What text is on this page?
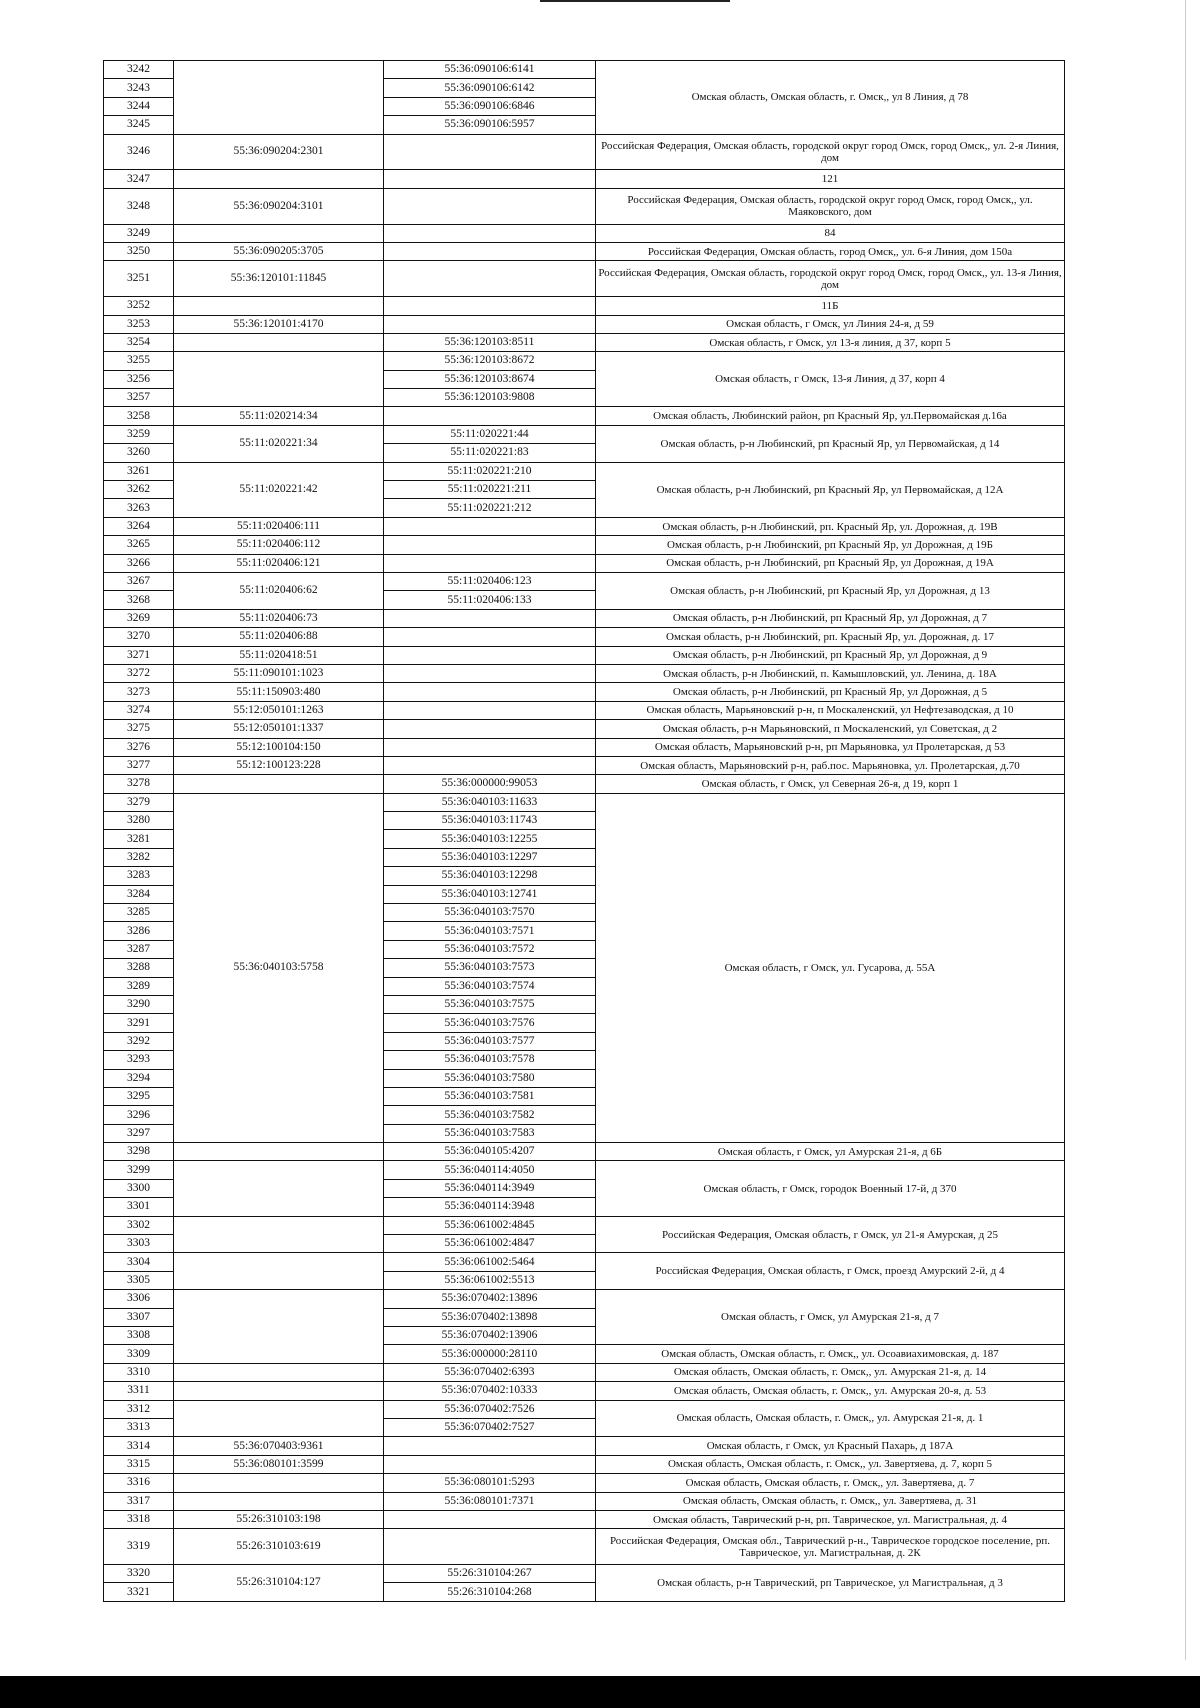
3242		55:36:090106:6141	Омская область, Омская область, г. Омск,, ул 8 Линия, д 78
3243		55:36:090106:6142	
3244		55:36:090106:6846	
3245		55:36:090106:5957	
3246	55:36:090204:2301		Российская Федерация, Омская область, городской округ город Омск, город Омск,, ул. 2-я Линия, дом
3247			121
3248	55:36:090204:3101		Российская Федерация, Омская область, городской округ город Омск, город Омск,, ул. Маяковского, дом
3249			84
3250	55:36:090205:3705		Российская Федерация, Омская область, город Омск,, ул. 6-я Линия, дом 150а
3251	55:36:120101:11845		Российская Федерация, Омская область, городской округ город Омск, город Омск,, ул. 13-я Линия, дом
3252			11Б
3253	55:36:120101:4170		Омская область, г Омск, ул Линия 24-я, д 59
3254		55:36:120103:8511	Омская область, г Омск, ул 13-я линия, д 37, корп 5
3255		55:36:120103:8672	Омская область, г Омск, 13-я Линия, д 37, корп 4
3256		55:36:120103:8674	
3257		55:36:120103:9808	
3258	55:11:020214:34		Омская область, Любинский район, рп Красный Яр, ул.Первомайская д.16а
3259	55:11:020221:34	55:11:020221:44	Омская область, р-н Любинский, рп Красный Яр, ул Первомайская, д 14
3260		55:11:020221:83	
3261	55:11:020221:42	55:11:020221:210	Омская область, р-н Любинский, рп Красный Яр, ул Первомайская, д 12А
3262		55:11:020221:211	
3263		55:11:020221:212	
3264	55:11:020406:111		Омская область, р-н Любинский, рп. Красный Яр, ул. Дорожная, д. 19В
3265	55:11:020406:112		Омская область, р-н Любинский, рп Красный Яр, ул Дорожная, д 19Б
3266	55:11:020406:121		Омская область, р-н Любинский, рп Красный Яр, ул Дорожная, д 19А
3267	55:11:020406:62	55:11:020406:123	Омская область, р-н Любинский, рп Красный Яр, ул Дорожная, д 13
3268		55:11:020406:133	
3269	55:11:020406:73		Омская область, р-н Любинский, рп Красный Яр, ул Дорожная, д 7
3270	55:11:020406:88		Омская область, р-н Любинский, рп. Красный Яр, ул. Дорожная, д. 17
3271	55:11:020418:51		Омская область, р-н Любинский, рп Красный Яр, ул Дорожная, д 9
3272	55:11:090101:1023		Омская область, р-н Любинский, п. Камышловский, ул. Ленина, д. 18А
3273	55:11:150903:480		Омская область, р-н Любинский, рп Красный Яр, ул Дорожная, д 5
3274	55:12:050101:1263		Омская область, Марьяновский р-н, п Москаленский, ул Нефтезаводская, д 10
3275	55:12:050101:1337		Омская область, р-н Марьяновский, п Москаленский, ул Советская, д 2
3276	55:12:100104:150		Омская область, Марьяновский р-н, рп Марьяновка, ул Пролетарская, д 53
3277	55:12:100123:228		Омская область, Марьяновский р-н, раб.пос. Марьяновка, ул. Пролетарская, д.70
3278		55:36:000000:99053	Омская область, г Омск, ул Северная 26-я, д 19, корп 1
3279	55:36:040103:5758	55:36:040103:11633	Омская область, г Омск, ул. Гусарова, д. 55А
3280		55:36:040103:11743	
3281		55:36:040103:12255	
3282		55:36:040103:12297	
3283		55:36:040103:12298	
3284		55:36:040103:12741	
3285		55:36:040103:7570	
3286		55:36:040103:7571	
3287		55:36:040103:7572	
3288		55:36:040103:7573	
3289		55:36:040103:7574	
3290		55:36:040103:7575	
3291		55:36:040103:7576	
3292		55:36:040103:7577	
3293		55:36:040103:7578	
3294		55:36:040103:7580	
3295		55:36:040103:7581	
3296		55:36:040103:7582	
3297		55:36:040103:7583	
3298		55:36:040105:4207	Омская область, г Омск, ул Амурская 21-я, д 6Б
3299		55:36:040114:4050	Омская область, г Омск, городок Военный 17-й, д 370
3300		55:36:040114:3949	
3301		55:36:040114:3948	
3302		55:36:061002:4845	Российская Федерация, Омская область, г Омск, ул 21-я Амурская, д 25
3303		55:36:061002:4847	
3304		55:36:061002:5464	Российская Федерация, Омская область, г Омск, проезд Амурский 2-й, д 4
3305		55:36:061002:5513	
3306		55:36:070402:13896	Омская область, г Омск, ул Амурская 21-я, д 7
3307		55:36:070402:13898	
3308		55:36:070402:13906	
3309		55:36:000000:28110	Омская область, Омская область, г. Омск,, ул. Осоавиахимовская, д. 187
3310		55:36:070402:6393	Омская область, Омская область, г. Омск,, ул. Амурская 21-я, д. 14
3311		55:36:070402:10333	Омская область, Омская область, г. Омск,, ул. Амурская 20-я, д. 53
3312		55:36:070402:7526	Омская область, Омская область, г. Омск,, ул. Амурская 21-я, д. 1
3313		55:36:070402:7527	
3314	55:36:070403:9361		Омская область, г Омск, ул Красный Пахарь, д 187А
3315	55:36:080101:3599		Омская область, Омская область, г. Омск,, ул. Завертяева, д. 7, корп 5
3316		55:36:080101:5293	Омская область, Омская область, г. Омск,, ул. Завертяева, д. 7
3317		55:36:080101:7371	Омская область, Омская область, г. Омск,, ул. Завертяева, д. 31
3318	55:26:310103:198		Омская область, Таврический р-н, рп. Таврическое, ул. Магистральная, д. 4
3319	55:26:310103:619		Российская Федерация, Омская обл., Таврический р-н., Таврическое городское поселение, рп. Таврическое, ул. Магистральная, д. 2К
3320	55:26:310104:127	55:26:310104:267	Омская область, р-н Таврический, рп Таврическое, ул Магистральная, д 3
3321		55:26:310104:268	
